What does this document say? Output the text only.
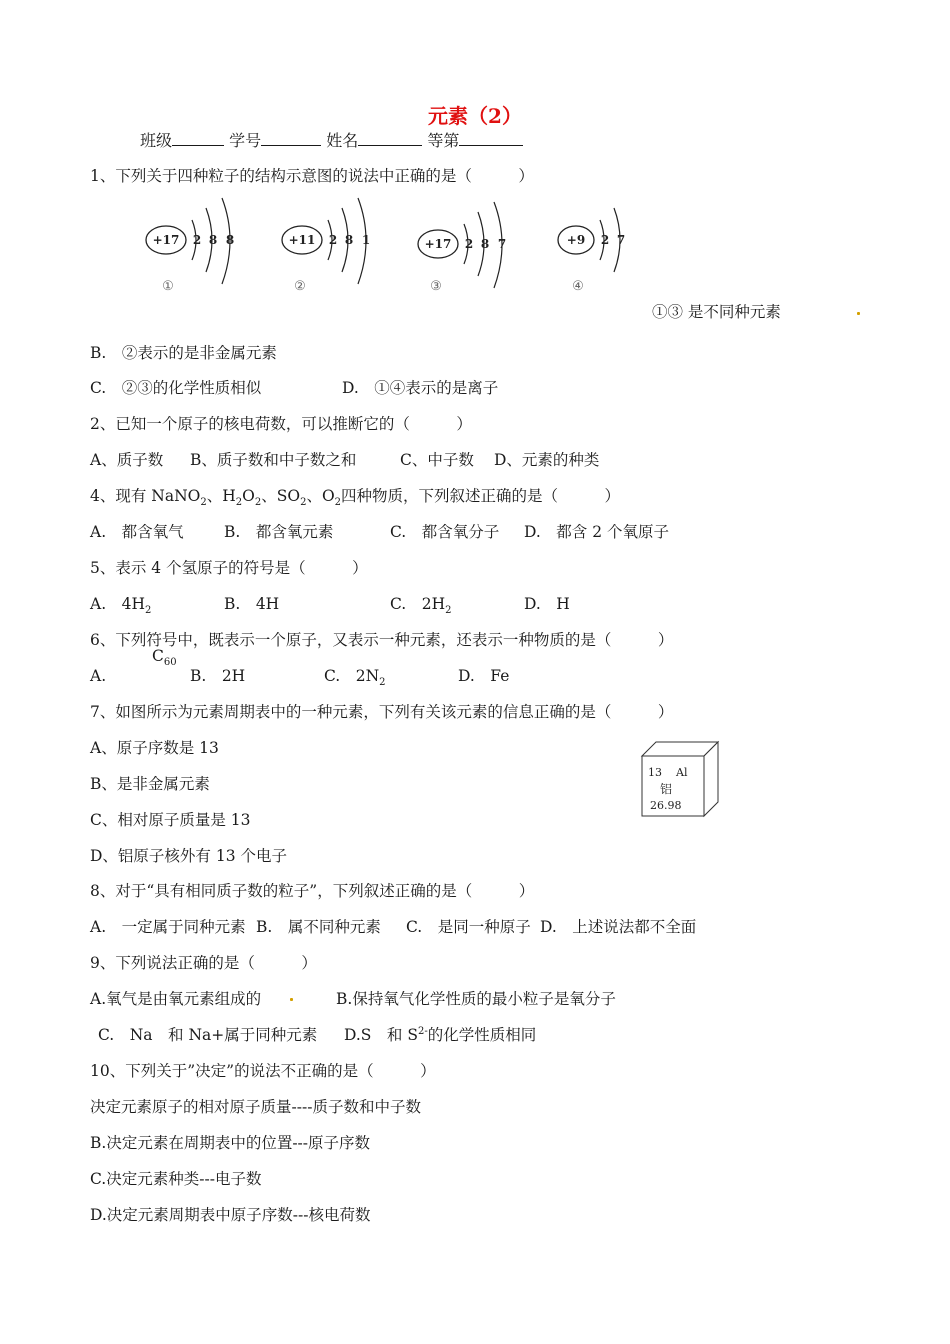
元素（2）
班级	学号	姓名	等第
1、下列关于四种粒子的结构示意图的说法中正确的是（　　　）
+17 2 8 8
①
+11 2 8 1
②
+17 2 8 7
③
+9 2 7
④
①③ 是不同种元素
B.　②表示的是非金属元素
C.　②③的化学性质相似	D.　①④表示的是离子
2、已知一个原子的核电荷数，可以推断它的（　　　）
A、质子数 B、质子数和中子数之和	C、中子数 D、元素的种类
4、现有 NaNO$_2$、$H_2O_2$、$SO_2$、$O_2$四种物质，下列叙述正确的是（　　　）
A.　都含氧气	B.　都含氧元素	C.　都含氧分子 D.　都含 2 个氧原子
5、表示 4 个氢原子的符号是（　　　）
A.　$4H_2$	B.　4H	C.　$2H_2$	D.　H
6、下列符号中，既表示一个原子，又表示一种元素，还表示一种物质的是（　　　）
$C_{60}$
A.	B.　2H	C.　$2N_2$	D.　Fe
7、如图所示为元素周期表中的一种元素，下列有关该元素的信息正确的是（　　　）
A、原子序数是 13
B、是非金属元素
C、相对原子质量是 13
D、铝原子核外有 13 个电子
13 Al
铝
26.98
8、对于“具有相同质子数的粒子”，下列叙述正确的是（　　　）
A.　一定属于同种元素 B.　属不同种元素 C.　是同一种原子 D.　上述说法都不全面
9、下列说法正确的是（　　　）
A.氧气是由氧元素组成的	B.保持氧气化学性质的最小粒子是氧分子
C.　Na　和 Na+属于同种元素 D.S　和 $S^{2-}$的化学性质相同
10、下列关于”决定”的说法不正确的是（　　　）
决定元素原子的相对原子质量----质子数和中子数
B.决定元素在周期表中的位置---原子序数
C.决定元素种类---电子数
D.决定元素周期表中原子序数---核电荷数
